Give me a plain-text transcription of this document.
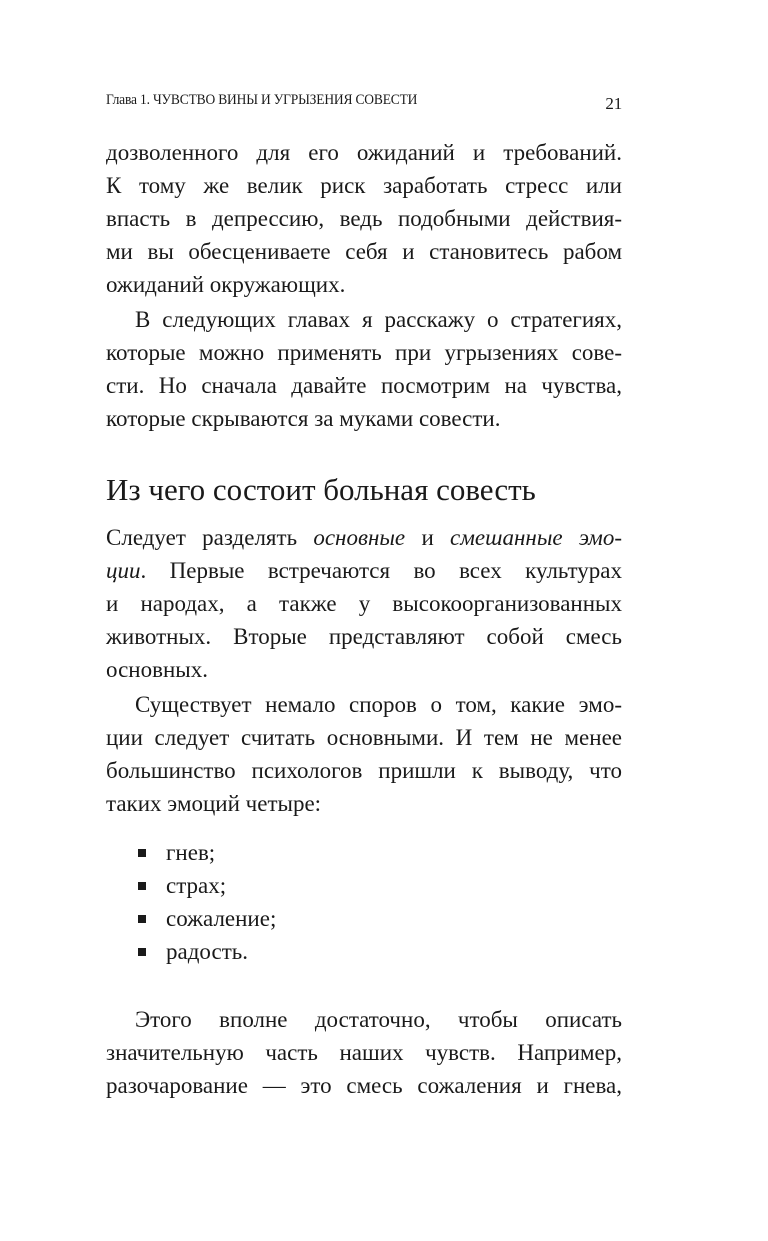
Глава 1. ЧУВСТВО ВИНЫ И УГРЫЗЕНИЯ СОВЕСТИ	21

дозволенного для его ожиданий и требований.

К тому же велик риск заработать стресс или

впасть в депрессию, ведь подобными действия-

ми вы обесцениваете себя и становитесь рабом

ожиданий окружающих.

В следующих главах я расскажу о стратегиях,

которые можно применять при угрызениях сове-

сти. Но сначала давайте посмотрим на чувства,

которые скрываются за муками совести.

Из чего состоит больная совесть

Следует разделять основные и смешанные эмо-

ции. Первые встречаются во всех культурах

и народах, а также у высокоорганизованных

животных. Вторые представляют собой смесь

основных.

Существует немало споров о том, какие эмо-

ции следует считать основными. И тем не менее

большинство психологов пришли к выводу, что

таких эмоций четыре:

гнев;
страх;
сожаление;
радость.

Этого вполне достаточно, чтобы описать

значительную часть наших чувств. Например,

разочарование — это смесь сожаления и гнева,
